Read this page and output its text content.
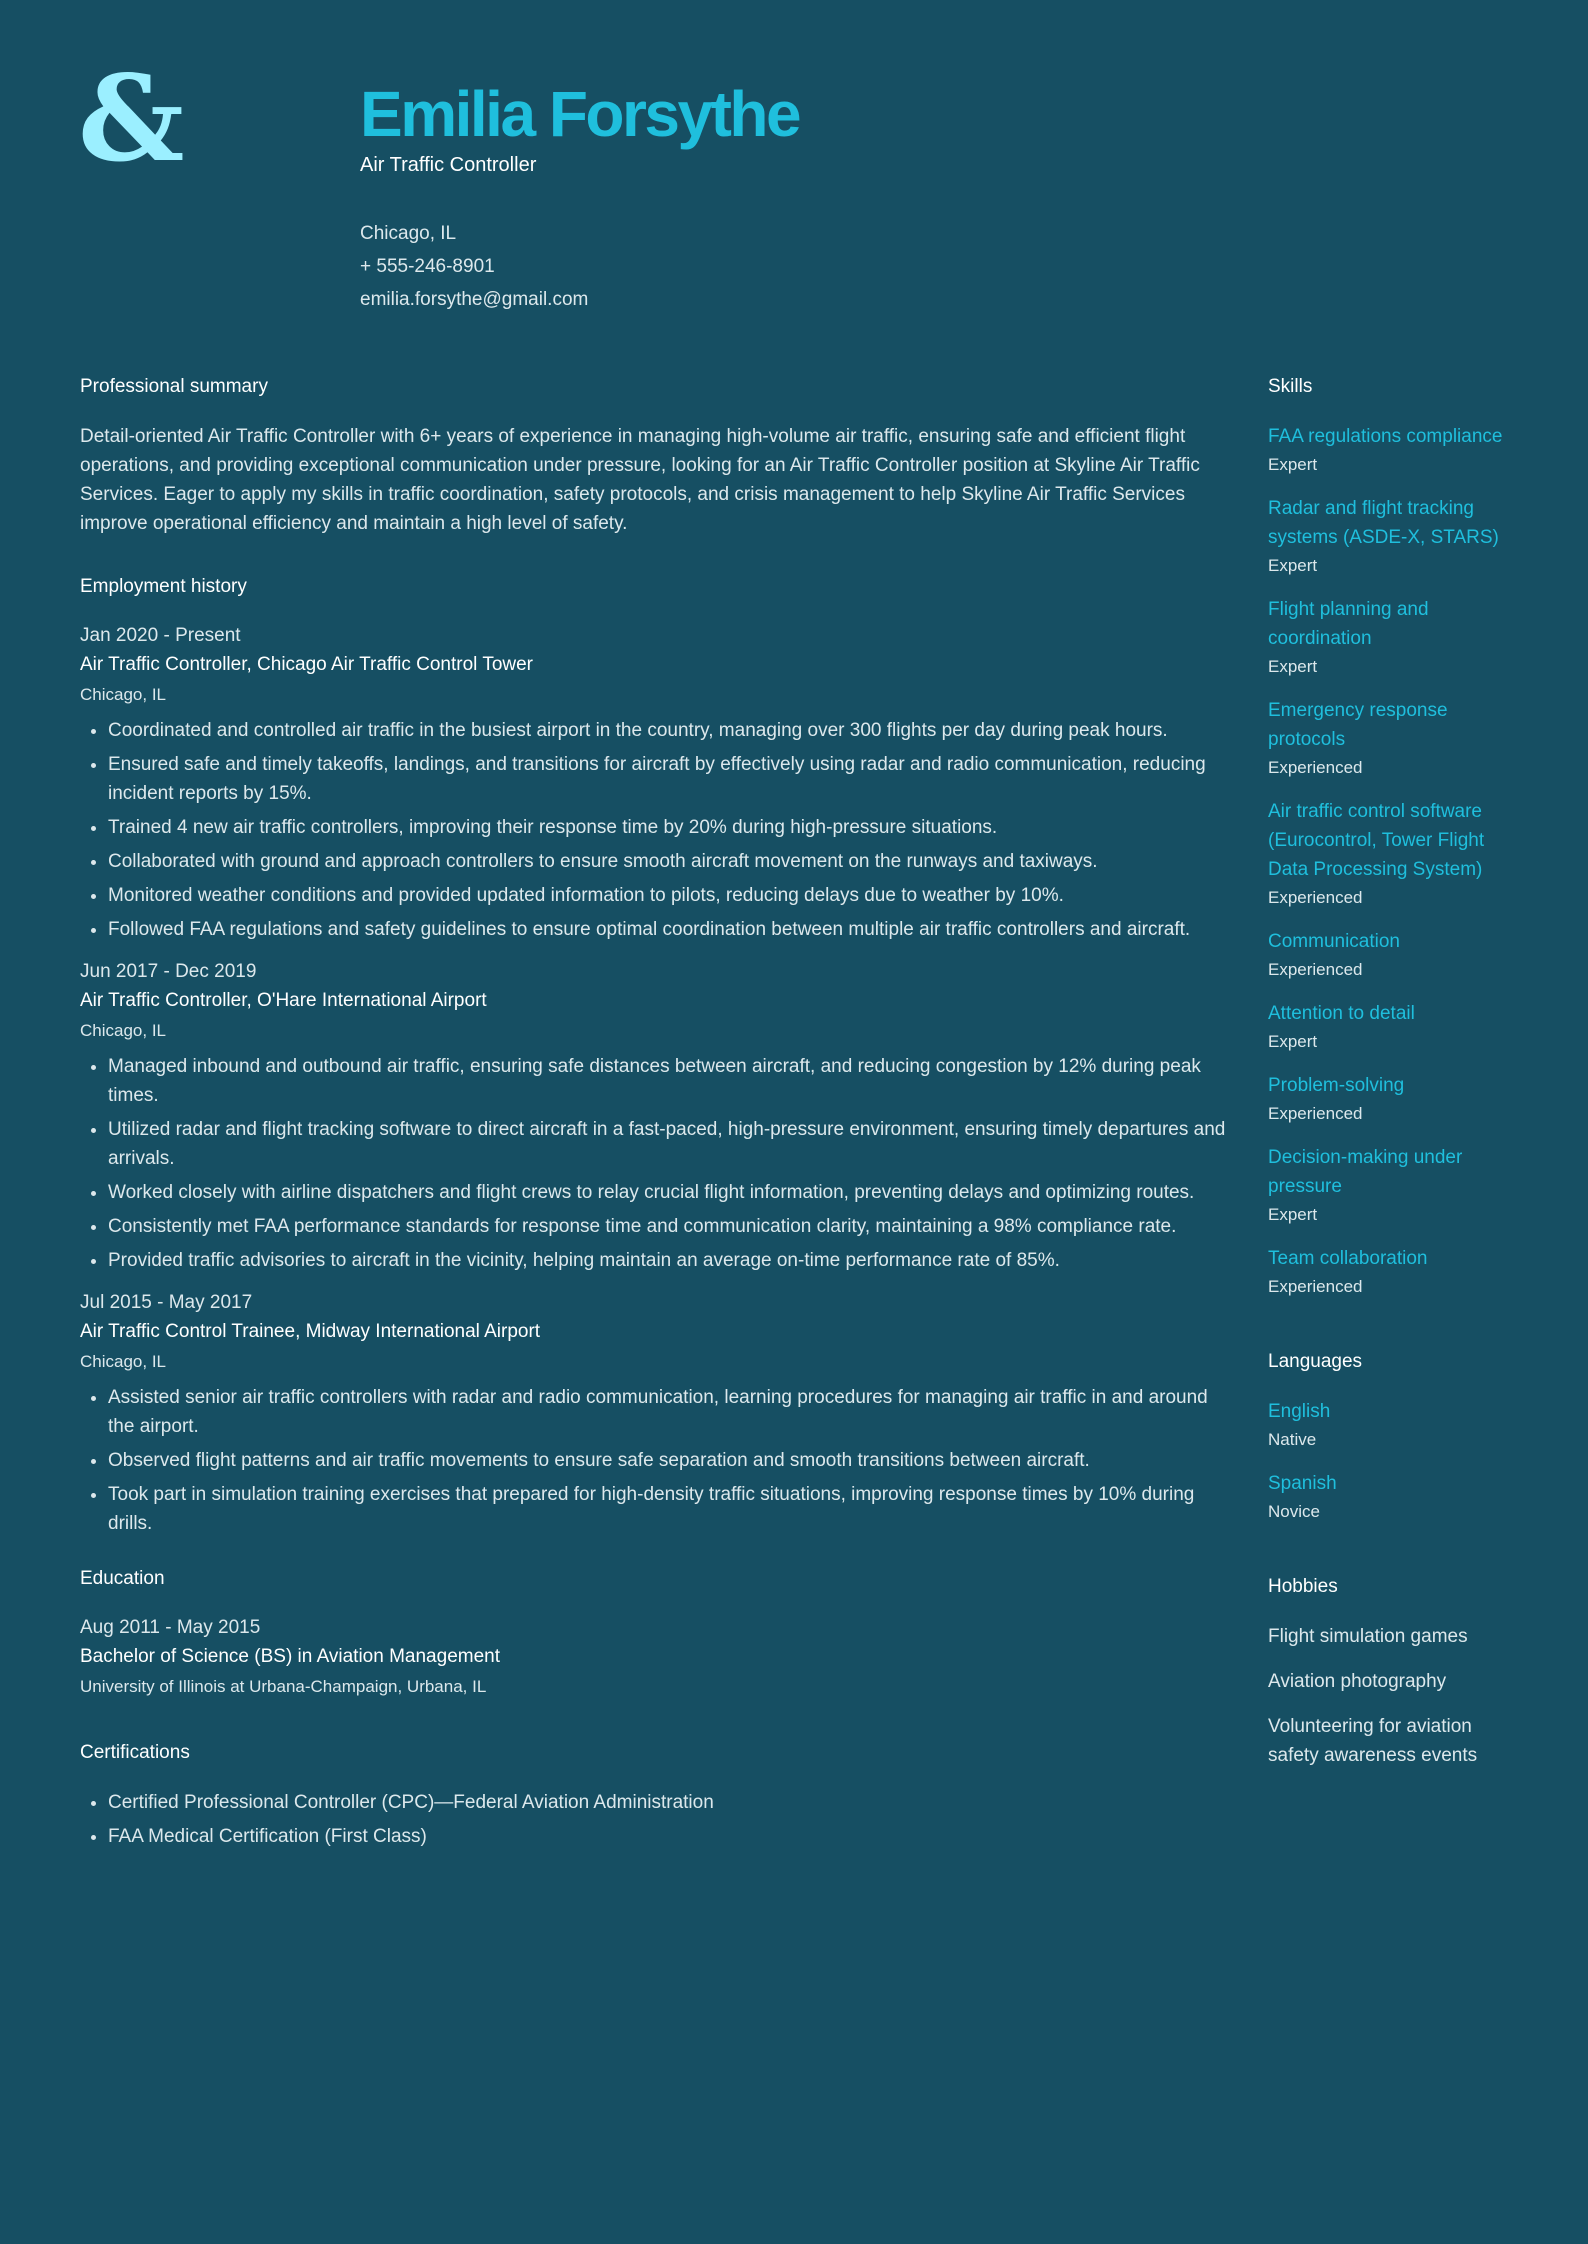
&	Emilia Forsythe
Air Traffic Controller
Chicago, IL
+ 555-246-8901
emilia.forsythe@gmail.com
Professional summary
Detail-oriented Air Traffic Controller with 6+ years of experience in managing high-volume air traffic, ensuring safe and efficient flight operations, and providing exceptional communication under pressure, looking for an Air Traffic Controller position at Skyline Air Traffic Services. Eager to apply my skills in traffic coordination, safety protocols, and crisis management to help Skyline Air Traffic Services improve operational efficiency and maintain a high level of safety.
Employment history
Jan 2020 - Present
Air Traffic Controller, Chicago Air Traffic Control Tower
Chicago, IL
• Coordinated and controlled air traffic in the busiest airport in the country, managing over 300 flights per day during peak hours.
• Ensured safe and timely takeoffs, landings, and transitions for aircraft by effectively using radar and radio communication, reducing incident reports by 15%.
• Trained 4 new air traffic controllers, improving their response time by 20% during high-pressure situations.
• Collaborated with ground and approach controllers to ensure smooth aircraft movement on the runways and taxiways.
• Monitored weather conditions and provided updated information to pilots, reducing delays due to weather by 10%.
• Followed FAA regulations and safety guidelines to ensure optimal coordination between multiple air traffic controllers and aircraft.
Jun 2017 - Dec 2019
Air Traffic Controller, O'Hare International Airport
Chicago, IL
• Managed inbound and outbound air traffic, ensuring safe distances between aircraft, and reducing congestion by 12% during peak times.
• Utilized radar and flight tracking software to direct aircraft in a fast-paced, high-pressure environment, ensuring timely departures and arrivals.
• Worked closely with airline dispatchers and flight crews to relay crucial flight information, preventing delays and optimizing routes.
• Consistently met FAA performance standards for response time and communication clarity, maintaining a 98% compliance rate.
• Provided traffic advisories to aircraft in the vicinity, helping maintain an average on-time performance rate of 85%.
Jul 2015 - May 2017
Air Traffic Control Trainee, Midway International Airport
Chicago, IL
• Assisted senior air traffic controllers with radar and radio communication, learning procedures for managing air traffic in and around the airport.
• Observed flight patterns and air traffic movements to ensure safe separation and smooth transitions between aircraft.
• Took part in simulation training exercises that prepared for high-density traffic situations, improving response times by 10% during drills.
Education
Aug 2011 - May 2015
Bachelor of Science (BS) in Aviation Management
University of Illinois at Urbana-Champaign, Urbana, IL
Certifications
• Certified Professional Controller (CPC)—Federal Aviation Administration
• FAA Medical Certification (First Class)
Skills
FAA regulations compliance
Expert
Radar and flight tracking systems (ASDE-X, STARS)
Expert
Flight planning and coordination
Expert
Emergency response protocols
Experienced
Air traffic control software (Eurocontrol, Tower Flight Data Processing System)
Experienced
Communication
Experienced
Attention to detail
Expert
Problem-solving
Experienced
Decision-making under pressure
Expert
Team collaboration
Experienced
Languages
English
Native
Spanish
Novice
Hobbies
Flight simulation games
Aviation photography
Volunteering for aviation safety awareness events
